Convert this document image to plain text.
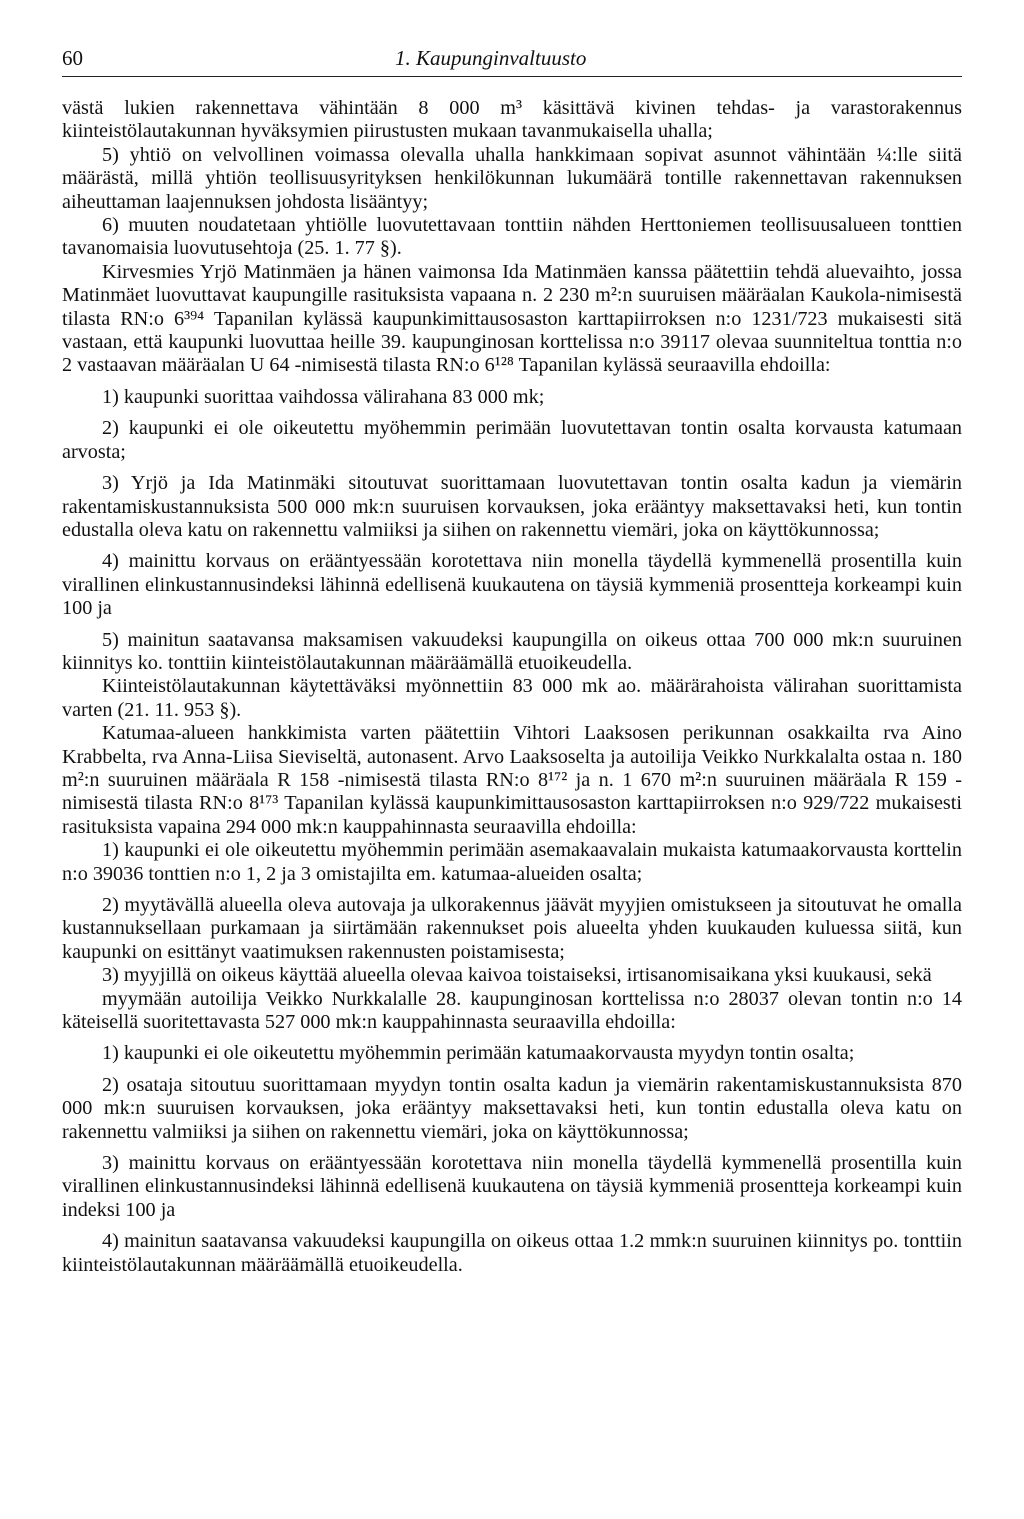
60	1. Kaupunginvaltuusto

västä lukien rakennettava vähintään 8 000 m³ käsittävä kivinen tehdas- ja varastorakennus kiinteistölautakunnan hyväksymien piirustusten mukaan tavanmukaisella uhalla;

5) yhtiö on velvollinen voimassa olevalla uhalla hankkimaan sopivat asunnot vähintään ¼:lle siitä määrästä, millä yhtiön teollisuusyrityksen henkilökunnan lukumäärä tontille rakennettavan rakennuksen aiheuttaman laajennuksen johdosta lisääntyy;

6) muuten noudatetaan yhtiölle luovutettavaan tonttiin nähden Herttoniemen teollisuusalueen tonttien tavanomaisia luovutusehtoja (25. 1. 77 §).

Kirvesmies Yrjö Matinmäen ja hänen vaimonsa Ida Matinmäen kanssa päätettiin tehdä aluevaihto, jossa Matinmäet luovuttavat kaupungille rasituksista vapaana n. 2 230 m²:n suuruisen määräalan Kaukola-nimisestä tilasta RN:o 6³⁹⁴ Tapanilan kylässä kaupunkimittausosaston karttapiirroksen n:o 1231/723 mukaisesti sitä vastaan, että kaupunki luovuttaa heille 39. kaupunginosan korttelissa n:o 39117 olevaa suunniteltua tonttia n:o 2 vastaavan määräalan U 64 -nimisestä tilasta RN:o 6¹²⁸ Tapanilan kylässä seuraavilla ehdoilla:

1) kaupunki suorittaa vaihdossa välirahana 83 000 mk;

2) kaupunki ei ole oikeutettu myöhemmin perimään luovutettavan tontin osalta korvausta katumaan arvosta;

3) Yrjö ja Ida Matinmäki sitoutuvat suorittamaan luovutettavan tontin osalta kadun ja viemärin rakentamiskustannuksista 500 000 mk:n suuruisen korvauksen, joka erääntyy maksettavaksi heti, kun tontin edustalla oleva katu on rakennettu valmiiksi ja siihen on rakennettu viemäri, joka on käyttökunnossa;

4) mainittu korvaus on erääntyessään korotettava niin monella täydellä kymmenellä prosentilla kuin virallinen elinkustannusindeksi lähinnä edellisenä kuukautena on täysiä kymmeniä prosentteja korkeampi kuin 100 ja

5) mainitun saatavansa maksamisen vakuudeksi kaupungilla on oikeus ottaa 700 000 mk:n suuruinen kiinnitys ko. tonttiin kiinteistölautakunnan määräämällä etuoikeudella.

Kiinteistölautakunnan käytettäväksi myönnettiin 83 000 mk ao. määrärahoista välirahan suorittamista varten (21. 11. 953 §).

Katumaa-alueen hankkimista varten päätettiin Vihtori Laaksosen perikunnan osakkailta rva Aino Krabbelta, rva Anna-Liisa Sieviseltä, autonasent. Arvo Laaksoselta ja autoilija Veikko Nurkkalalta ostaa n. 180 m²:n suuruinen määräala R 158 -nimisestä tilasta RN:o 8¹⁷² ja n. 1 670 m²:n suuruinen määräala R 159 -nimisestä tilasta RN:o 8¹⁷³ Tapanilan kylässä kaupunkimittausosaston karttapiirroksen n:o 929/722 mukaisesti rasituksista vapaina 294 000 mk:n kauppahinnasta seuraavilla ehdoilla:

1) kaupunki ei ole oikeutettu myöhemmin perimään asemakaavalain mukaista katumaakorvausta korttelin n:o 39036 tonttien n:o 1, 2 ja 3 omistajilta em. katumaa-alueiden osalta;

2) myytävällä alueella oleva autovaja ja ulkorakennus jäävät myyjien omistukseen ja sitoutuvat he omalla kustannuksellaan purkamaan ja siirtämään rakennukset pois alueelta yhden kuukauden kuluessa siitä, kun kaupunki on esittänyt vaatimuksen rakennusten poistamisesta;

3) myyjillä on oikeus käyttää alueella olevaa kaivoa toistaiseksi, irtisanomisaikana yksi kuukausi, sekä

myymään autoilija Veikko Nurkkalalle 28. kaupunginosan korttelissa n:o 28037 olevan tontin n:o 14 käteisellä suoritettavasta 527 000 mk:n kauppahinnasta seuraavilla ehdoilla:

1) kaupunki ei ole oikeutettu myöhemmin perimään katumaakorvausta myydyn tontin osalta;

2) osataja sitoutuu suorittamaan myydyn tontin osalta kadun ja viemärin rakentamiskustannuksista 870 000 mk:n suuruisen korvauksen, joka erääntyy maksettavaksi heti, kun tontin edustalla oleva katu on rakennettu valmiiksi ja siihen on rakennettu viemäri, joka on käyttökunnossa;

3) mainittu korvaus on erääntyessään korotettava niin monella täydellä kymmenellä prosentilla kuin virallinen elinkustannusindeksi lähinnä edellisenä kuukautena on täysiä kymmeniä prosentteja korkeampi kuin indeksi 100 ja

4) mainitun saatavansa vakuudeksi kaupungilla on oikeus ottaa 1.2 mmk:n suuruinen kiinnitys po. tonttiin kiinteistölautakunnan määräämällä etuoikeudella.
